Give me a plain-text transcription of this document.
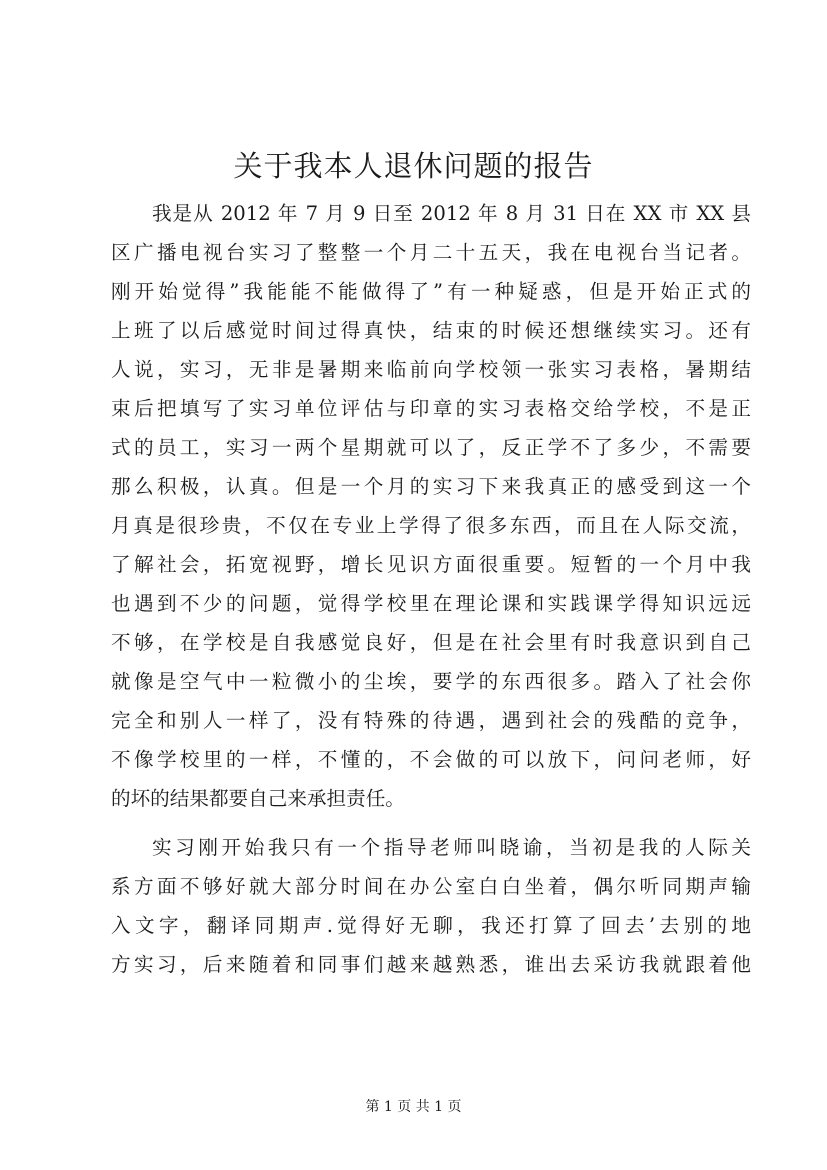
关于我本人退休问题的报告
我是从 2012 年 7 月 9 日至 2012 年 8 月 31 日在 XX 市 XX 县
区广播电视台实习了整整一个月二十五天，我在电视台当记者。
刚开始觉得”我能能不能做得了”有一种疑惑，但是开始正式的
上班了以后感觉时间过得真快，结束的时候还想继续实习。还有
人说，实习，无非是暑期来临前向学校领一张实习表格，暑期结
束后把填写了实习单位评估与印章的实习表格交给学校，不是正
式的员工，实习一两个星期就可以了，反正学不了多少，不需要
那么积极，认真。但是一个月的实习下来我真正的感受到这一个
月真是很珍贵，不仅在专业上学得了很多东西，而且在人际交流，
了解社会，拓宽视野，增长见识方面很重要。短暂的一个月中我
也遇到不少的问题，觉得学校里在理论课和实践课学得知识远远
不够，在学校是自我感觉良好，但是在社会里有时我意识到自己
就像是空气中一粒微小的尘埃，要学的东西很多。踏入了社会你
完全和别人一样了，没有特殊的待遇，遇到社会的残酷的竞争，
不像学校里的一样，不懂的，不会做的可以放下，问问老师，好
的坏的结果都要自己来承担责任。
实习刚开始我只有一个指导老师叫晓谕，当初是我的人际关
系方面不够好就大部分时间在办公室白白坐着，偶尔听同期声输
入文字，翻译同期声.觉得好无聊，我还打算了回去’去别的地
方实习，后来随着和同事们越来越熟悉，谁出去采访我就跟着他
第 1 页 共 1 页
